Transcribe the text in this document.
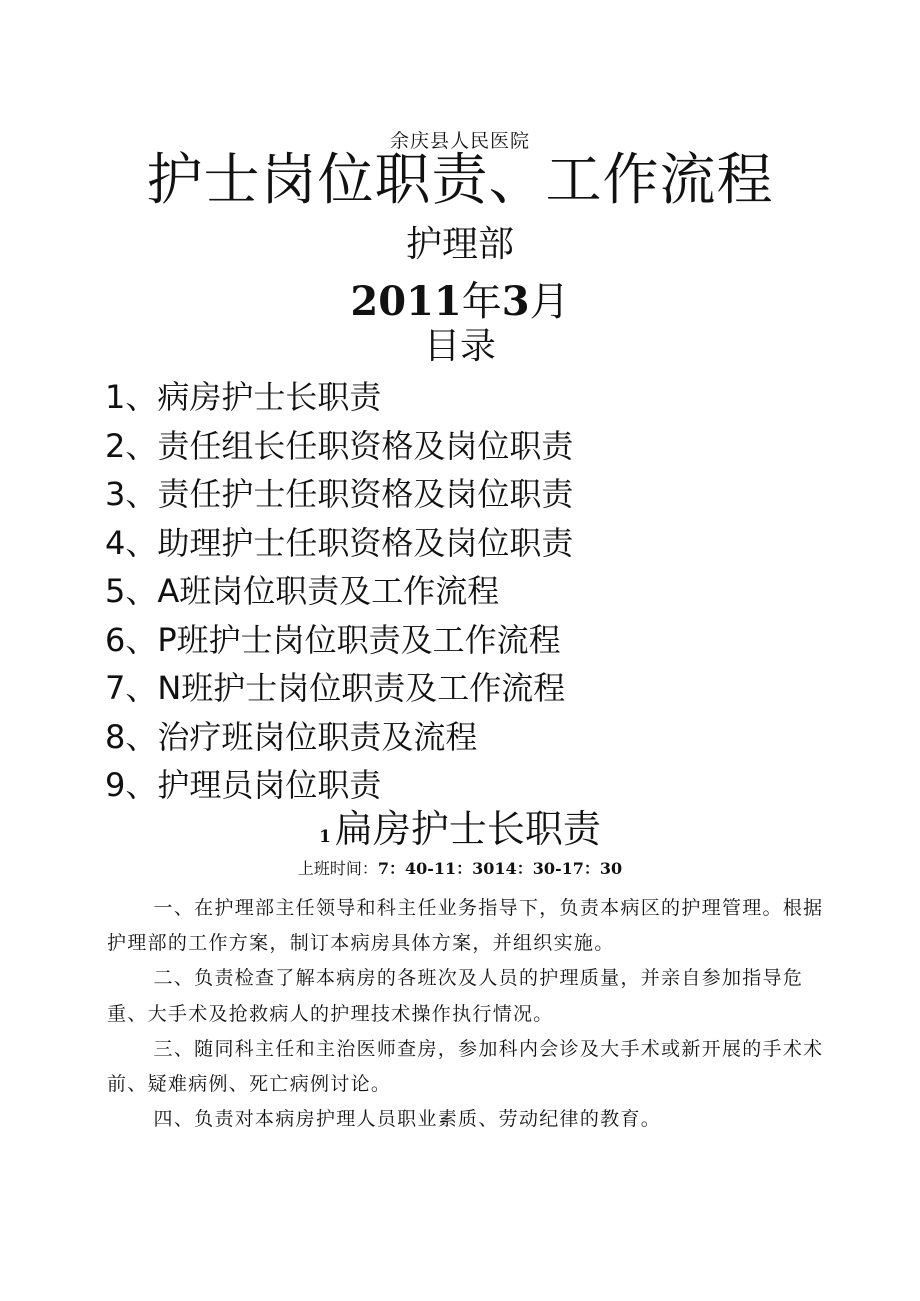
余庆县人民医院
护士岗位职责、工作流程
护理部
2011年3月
目录
1、病房护士长职责
2、责任组长任职资格及岗位职责
3、责任护士任职资格及岗位职责
4、助理护士任职资格及岗位职责
5、A班岗位职责及工作流程
6、P班护士岗位职责及工作流程
7、N班护士岗位职责及工作流程
8、治疗班岗位职责及流程
9、护理员岗位职责
1 扁房护士长职责
上班时间：7：40-11：3014：30-17：30

一、在护理部主任领导和科主任业务指导下，负责本病区的护理管理。根据护理部的工作方案，制订本病房具体方案，并组织实施。

二、负责检查了解本病房的各班次及人员的护理质量，并亲自参加指导危重、大手术及抢救病人的护理技术操作执行情况。

三、随同科主任和主治医师查房，参加科内会诊及大手术或新开展的手术术前、疑难病例、死亡病例讨论。

四、负责对本病房护理人员职业素质、劳动纪律的教育。
